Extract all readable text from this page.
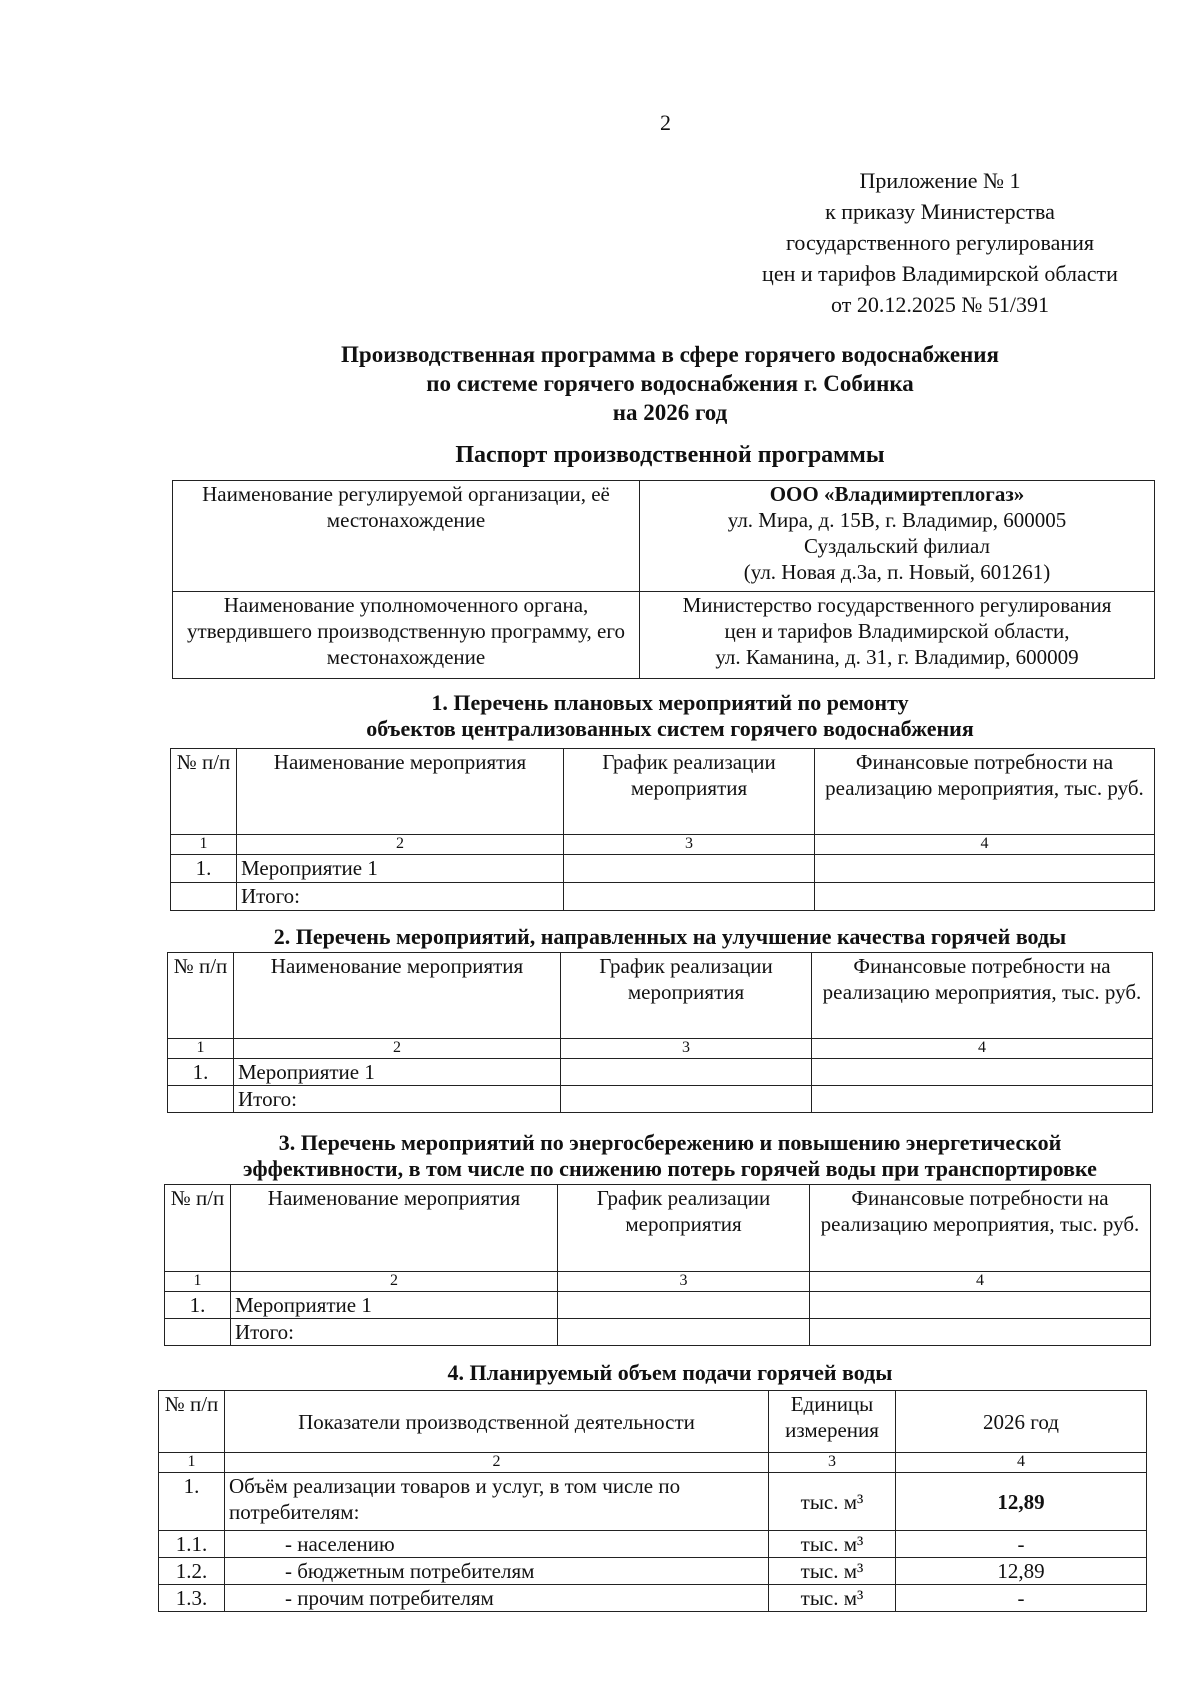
2
Приложение № 1
к приказу Министерства
государственного регулирования
цен и тарифов Владимирской области
от 20.12.2025 № 51/391
Производственная программа в сфере горячего водоснабжения
по системе горячего водоснабжения г. Собинка
на 2026 год
Паспорт производственной программы
Наименование регулируемой организации, её местонахождение	ООО «Владимиртеплогаз»
ул. Мира, д. 15В, г. Владимир, 600005
Суздальский филиал
(ул. Новая д.3а, п. Новый, 601261)

Наименование уполномоченного органа, утвердившего производственную программу, его местонахождение	Министерство государственного регулирования
цен и тарифов Владимирской области,
ул. Каманина, д. 31, г. Владимир, 600009
1. Перечень плановых мероприятий по ремонту
объектов централизованных систем горячего водоснабжения
№ п/п	Наименование мероприятия	График реализации мероприятия	Финансовые потребности на реализацию мероприятия, тыс. руб.
1	2	3	4
1.	Мероприятие 1		
	Итого:		
2. Перечень мероприятий, направленных на улучшение качества горячей воды
№ п/п	Наименование мероприятия	График реализации мероприятия	Финансовые потребности на реализацию мероприятия, тыс. руб.
1	2	3	4
1.	Мероприятие 1		
	Итого:		
3. Перечень мероприятий по энергосбережению и повышению энергетической
эффективности, в том числе по снижению потерь горячей воды при транспортировке
№ п/п	Наименование мероприятия	График реализации мероприятия	Финансовые потребности на реализацию мероприятия, тыс. руб.
1	2	3	4
1.	Мероприятие 1		
	Итого:		
4. Планируемый объем подачи горячей воды
№ п/п	Показатели производственной деятельности	Единицы измерения	2026 год
1	2	3	4
1.	Объём реализации товаров и услуг, в том числе по потребителям:	тыс. м³	12,89
1.1.	- населению	тыс. м³	-
1.2.	- бюджетным потребителям	тыс. м³	12,89
1.3.	- прочим потребителям	тыс. м³	-
